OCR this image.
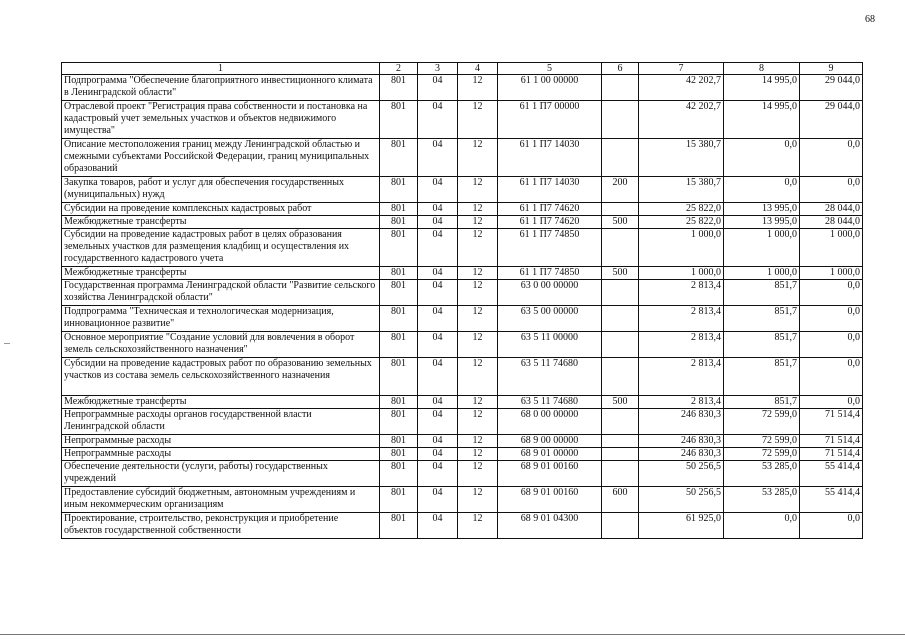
68
1	2	3	4	5	6	7	8	9
Подпрограмма "Обеспечение благоприятного инвестиционного климата в Ленинградской области"	801	04	12	61 1 00 00000		42 202,7	14 995,0	29 044,0
Отраслевой проект "Регистрация права собственности и постановка на кадастровый учет земельных участков и объектов недвижимого имущества"	801	04	12	61 1 П7 00000		42 202,7	14 995,0	29 044,0
Описание местоположения границ между Ленинградской областью и смежными субъектами Российской Федерации, границ муниципальных образований	801	04	12	61 1 П7 14030		15 380,7	0,0	0,0
Закупка товаров, работ и услуг для обеспечения государственных (муниципальных) нужд	801	04	12	61 1 П7 14030	200	15 380,7	0,0	0,0
Субсидии на проведение комплексных кадастровых работ	801	04	12	61 1 П7 74620		25 822,0	13 995,0	28 044,0
Межбюджетные трансферты	801	04	12	61 1 П7 74620	500	25 822,0	13 995,0	28 044,0
Субсидии на проведение кадастровых работ в целях образования земельных участков для размещения кладбищ и осуществления их государственного кадастрового учета	801	04	12	61 1 П7 74850		1 000,0	1 000,0	1 000,0
Межбюджетные трансферты	801	04	12	61 1 П7 74850	500	1 000,0	1 000,0	1 000,0
Государственная программа Ленинградской области "Развитие сельского хозяйства Ленинградской области"	801	04	12	63 0 00 00000		2 813,4	851,7	0,0
Подпрограмма "Техническая и технологическая модернизация, инновационное развитие"	801	04	12	63 5 00 00000		2 813,4	851,7	0,0
Основное мероприятие "Создание условий для вовлечения в оборот земель сельскохозяйственного назначения"	801	04	12	63 5 11 00000		2 813,4	851,7	0,0
Субсидии на проведение кадастровых работ по образованию земельных участков из состава земель сельскохозяйственного назначения	801	04	12	63 5 11 74680		2 813,4	851,7	0,0
Межбюджетные трансферты	801	04	12	63 5 11 74680	500	2 813,4	851,7	0,0
Непрограммные расходы органов государственной власти Ленинградской области	801	04	12	68 0 00 00000		246 830,3	72 599,0	71 514,4
Непрограммные расходы	801	04	12	68 9 00 00000		246 830,3	72 599,0	71 514,4
Непрограммные расходы	801	04	12	68 9 01 00000		246 830,3	72 599,0	71 514,4
Обеспечение деятельности (услуги, работы) государственных учреждений	801	04	12	68 9 01 00160		50 256,5	53 285,0	55 414,4
Предоставление субсидий бюджетным, автономным учреждениям и иным некоммерческим организациям	801	04	12	68 9 01 00160	600	50 256,5	53 285,0	55 414,4
Проектирование, строительство, реконструкция и приобретение объектов государственной собственности	801	04	12	68 9 01 04300		61 925,0	0,0	0,0
